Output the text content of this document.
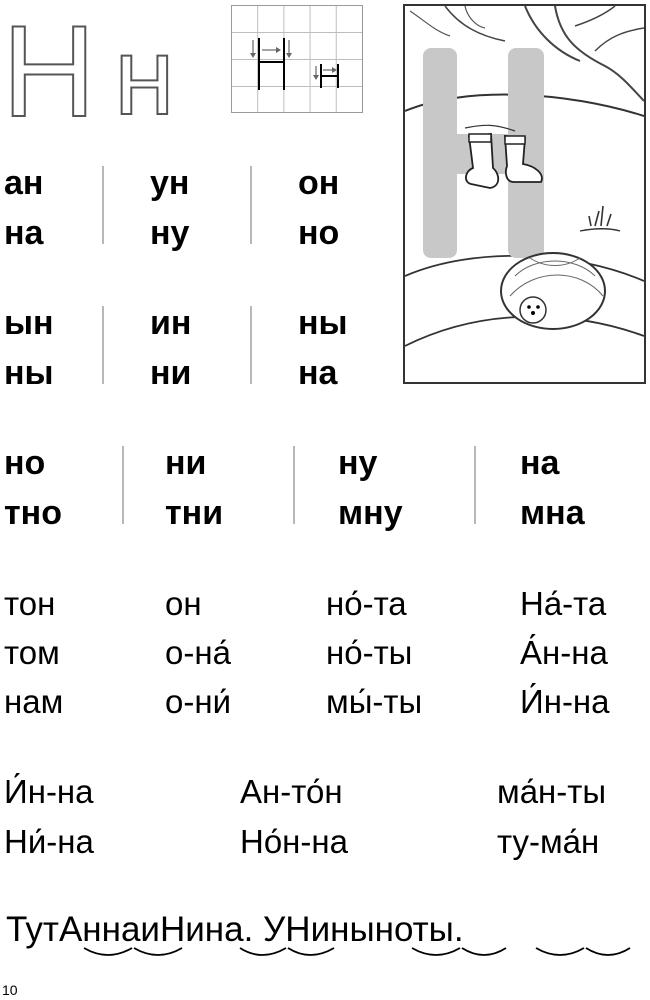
Н н
ан
на
ун
ну
он
но
ын
ны
ин
ни
ны
на
но
тно
ни
тни
ну
мну
на
мна
тон
том
нам
он
о-на́
о-ни́
но́-та
но́-ты
мы́-ты
На́-та
А́н-на
И́н-на
И́н-на
Ни́-на
Ан-то́н
Но́н-на
ма́н-ты
ту-ма́н
ТутАннаиНина. УНиныноты.
10
